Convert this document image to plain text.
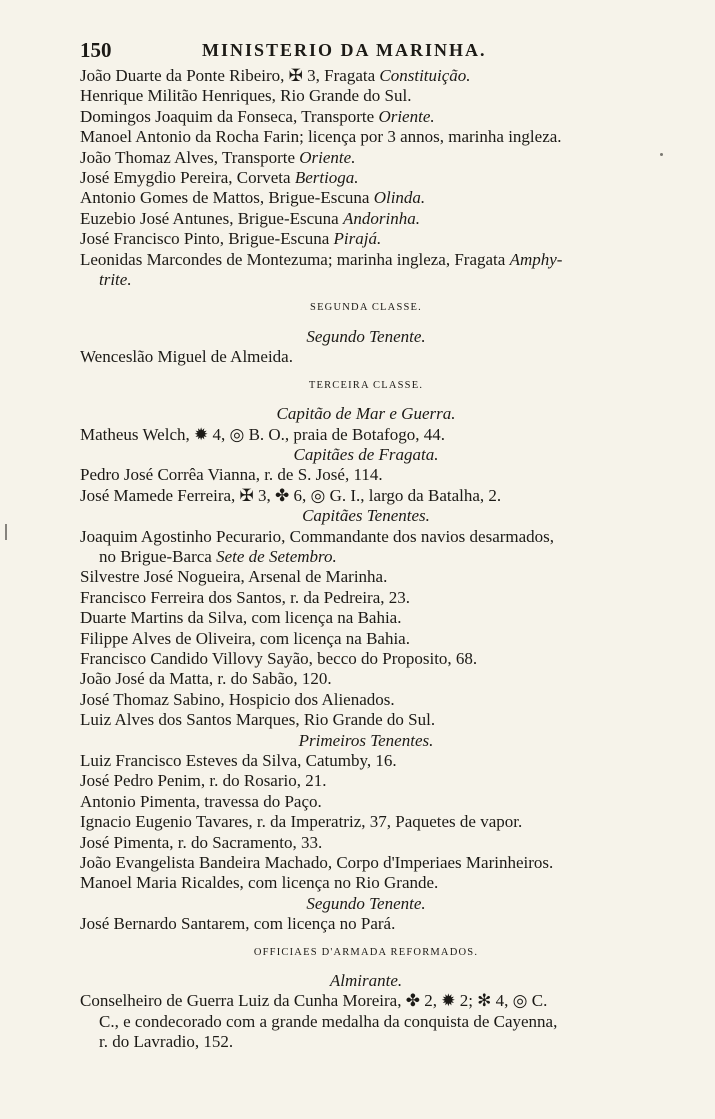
150	MINISTERIO DA MARINHA.
João Duarte da Ponte Ribeiro, ✠ 3, Fragata Constituição.
Henrique Militão Henriques, Rio Grande do Sul.
Domingos Joaquim da Fonseca, Transporte Oriente.
Manoel Antonio da Rocha Farin; licença por 3 annos, marinha ingleza.
João Thomaz Alves, Transporte Oriente.
José Emygdio Pereira, Corveta Bertioga.
Antonio Gomes de Mattos, Brigue-Escuna Olinda.
Euzebio José Antunes, Brigue-Escuna Andorinha.
José Francisco Pinto, Brigue-Escuna Pirajá.
Leonidas Marcondes de Montezuma; marinha ingleza, Fragata Amphy-
trite.
SEGUNDA CLASSE.
Segundo Tenente.
Wenceslão Miguel de Almeida.
TERCEIRA CLASSE.
Capitão de Mar e Guerra.
Matheus Welch, ✹ 4, ◎ B. O., praia de Botafogo, 44.
Capitães de Fragata.
Pedro José Corrêa Vianna, r. de S. José, 114.
José Mamede Ferreira, ✠ 3, ✤ 6, ◎ G. I., largo da Batalha, 2.
Capitães Tenentes.
Joaquim Agostinho Pecurario, Commandante dos navios desarmados,
no Brigue-Barca Sete de Setembro.
Silvestre José Nogueira, Arsenal de Marinha.
Francisco Ferreira dos Santos, r. da Pedreira, 23.
Duarte Martins da Silva, com licença na Bahia.
Filippe Alves de Oliveira, com licença na Bahia.
Francisco Candido Villovy Sayão, becco do Proposito, 68.
João José da Matta, r. do Sabão, 120.
José Thomaz Sabino, Hospicio dos Alienados.
Luiz Alves dos Santos Marques, Rio Grande do Sul.
Primeiros Tenentes.
Luiz Francisco Esteves da Silva, Catumby, 16.
José Pedro Penim, r. do Rosario, 21.
Antonio Pimenta, travessa do Paço.
Ignacio Eugenio Tavares, r. da Imperatriz, 37, Paquetes de vapor.
José Pimenta, r. do Sacramento, 33.
João Evangelista Bandeira Machado, Corpo d'Imperiaes Marinheiros.
Manoel Maria Ricaldes, com licença no Rio Grande.
Segundo Tenente.
José Bernardo Santarem, com licença no Pará.
OFFICIAES D'ARMADA REFORMADOS.
Almirante.
Conselheiro de Guerra Luiz da Cunha Moreira, ✤ 2, ✹ 2; ✻ 4, ◎ C.
C., e condecorado com a grande medalha da conquista de Cayenna,
r. do Lavradio, 152.
